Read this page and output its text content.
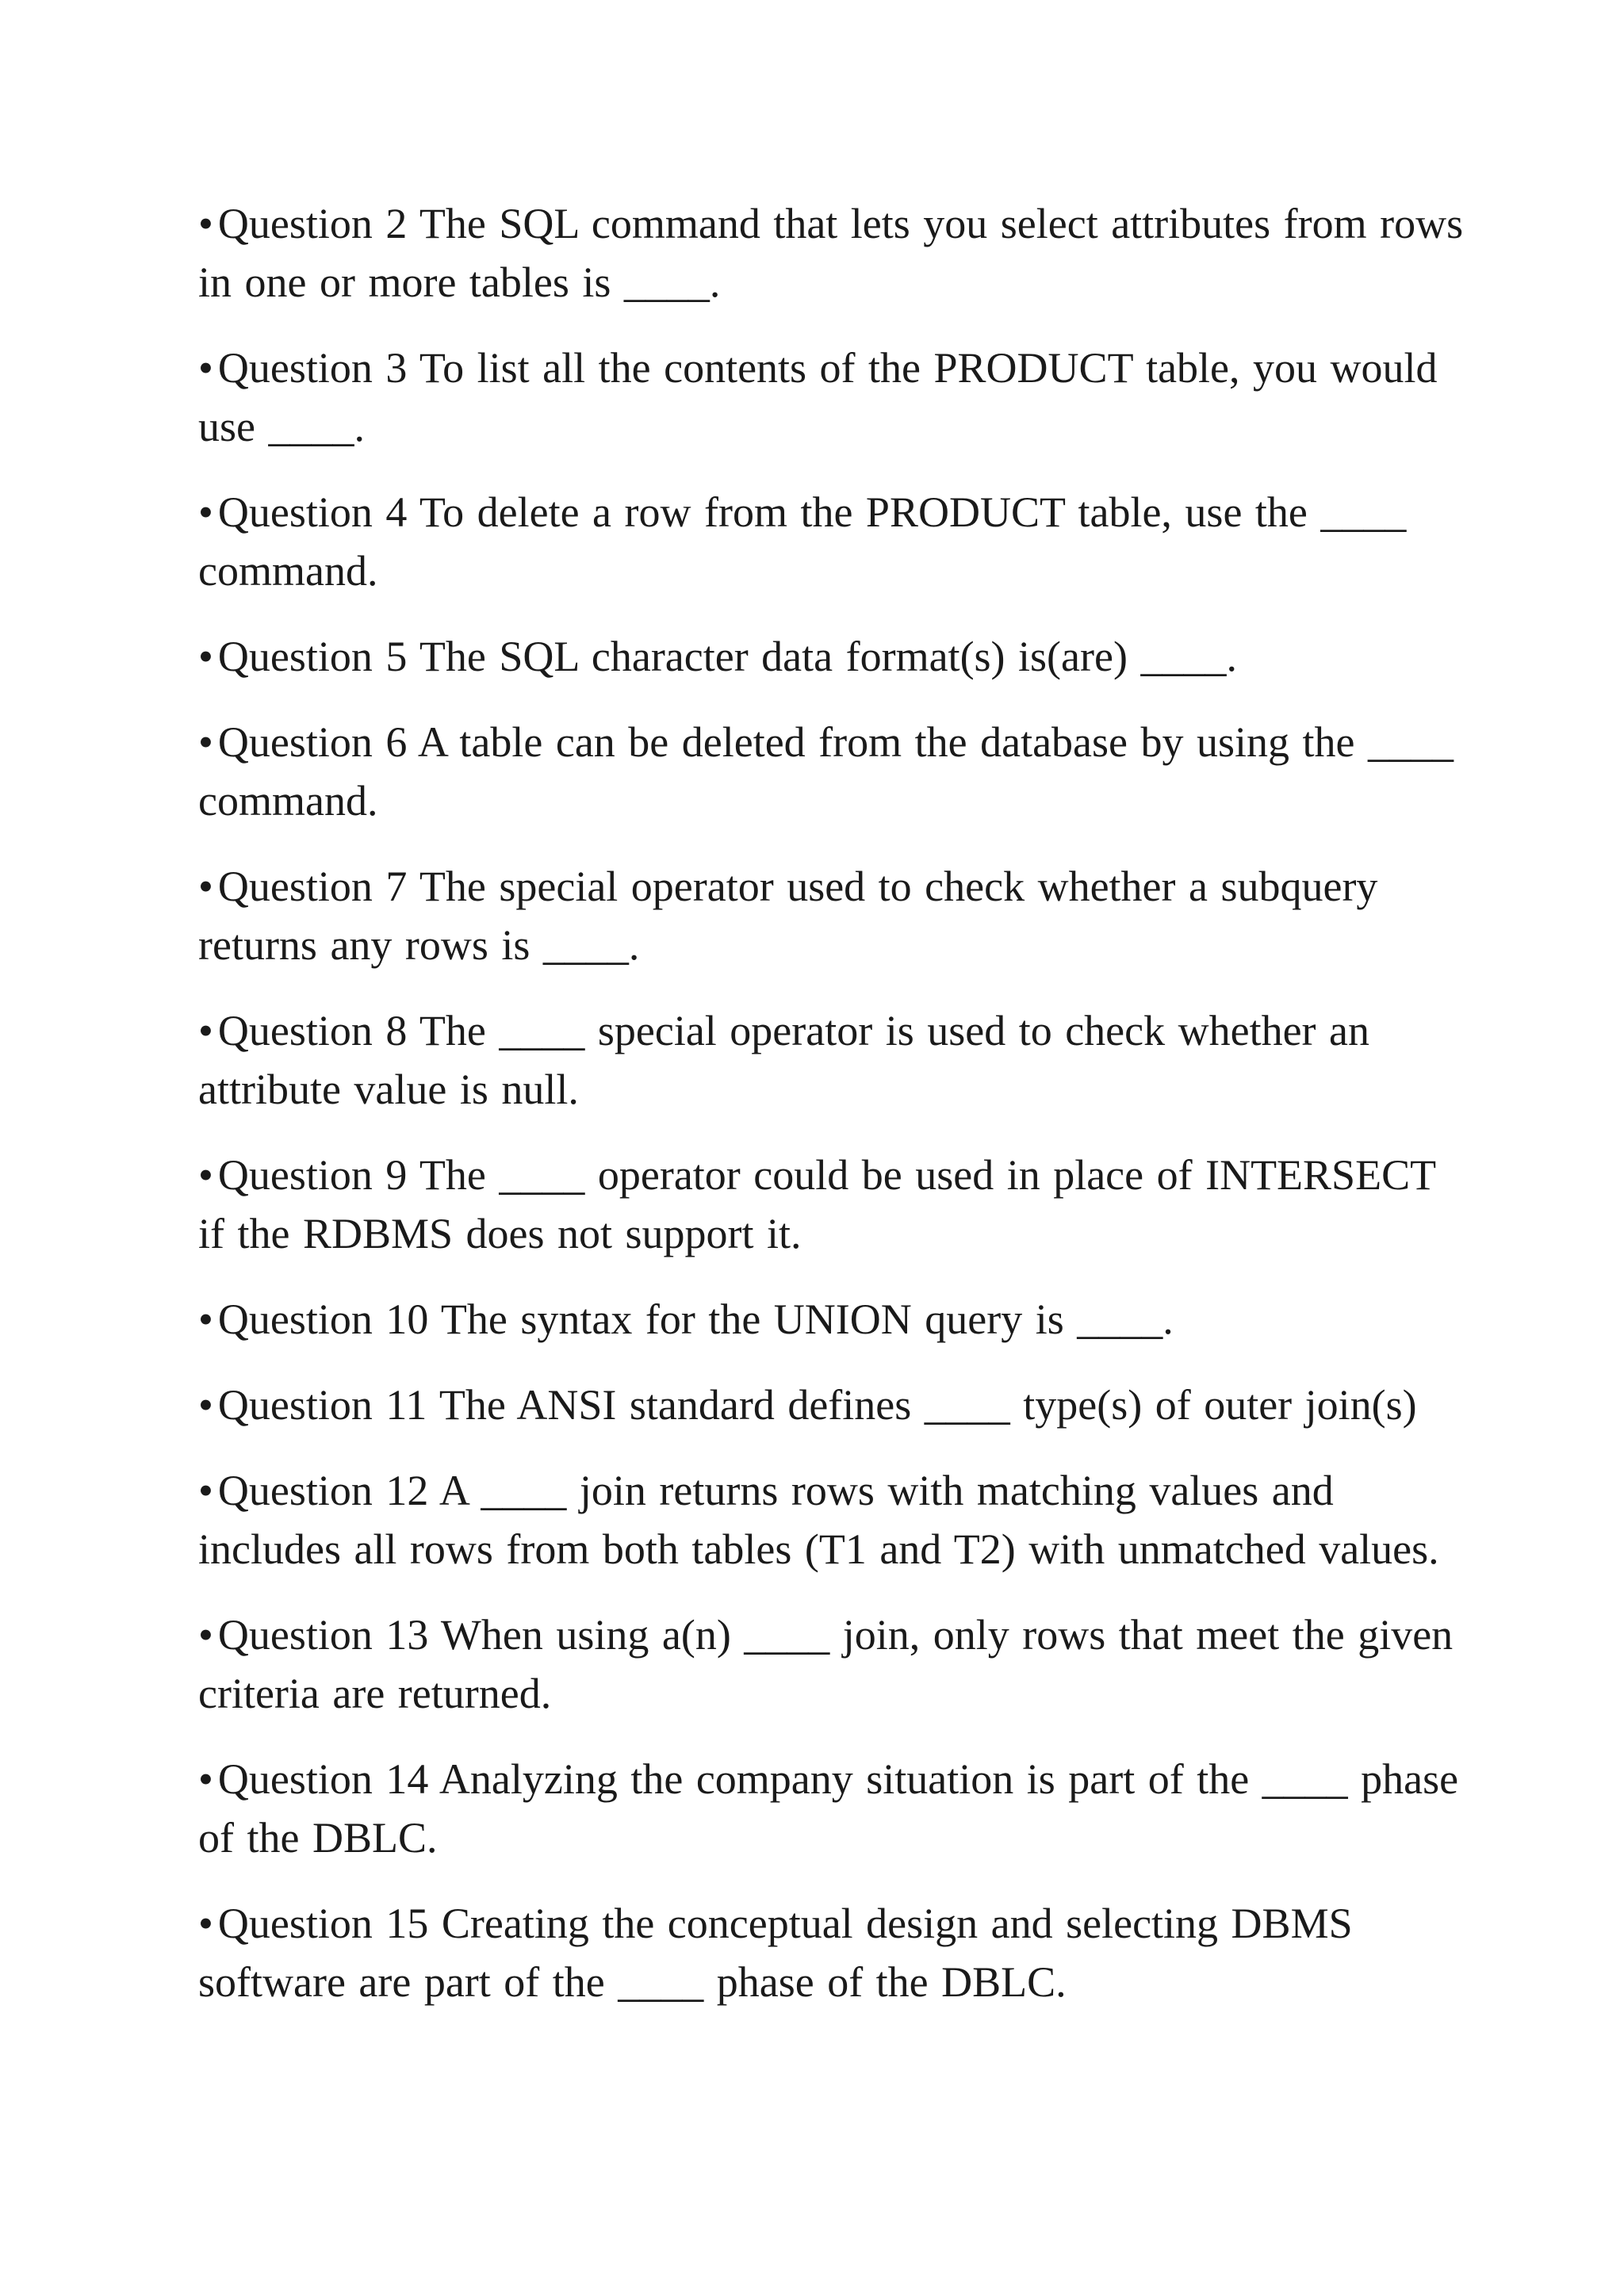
• Question 2 The SQL command that lets you select attributes from rows in one or more tables is ____.

• Question 3 To list all the contents of the PRODUCT table, you would use ____.

• Question 4 To delete a row from the PRODUCT table, use the ____ command.

• Question 5 The SQL character data format(s) is(are) ____.

• Question 6 A table can be deleted from the database by using the ____ command.

• Question 7 The special operator used to check whether a subquery returns any rows is ____.

• Question 8 The ____ special operator is used to check whether an attribute value is null.

• Question 9 The ____ operator could be used in place of INTERSECT if the RDBMS does not support it.

• Question 10 The syntax for the UNION query is ____.

• Question 11 The ANSI standard defines ____ type(s) of outer join(s)

• Question 12 A ____ join returns rows with matching values and includes all rows from both tables (T1 and T2) with unmatched values.

• Question 13 When using a(n) ____ join, only rows that meet the given criteria are returned.

• Question 14 Analyzing the company situation is part of the ____ phase of the DBLC.

• Question 15 Creating the conceptual design and selecting DBMS software are part of the ____ phase of the DBLC.
